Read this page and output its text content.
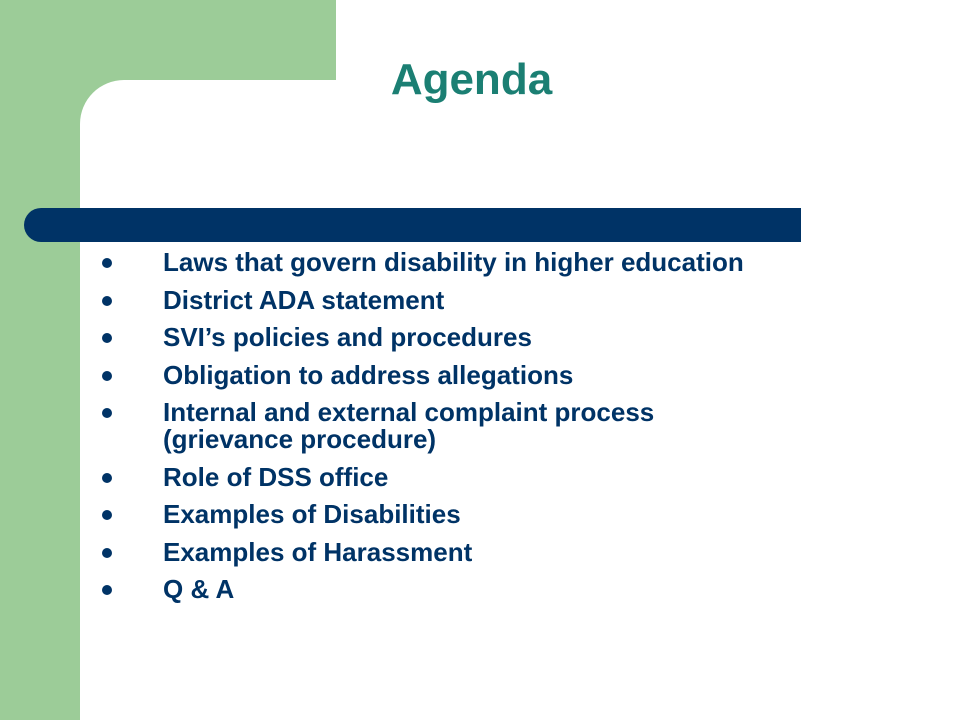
Agenda
Laws that govern disability in higher education
District ADA statement
SVI’s policies and procedures
Obligation to address allegations
Internal and external complaint process
(grievance procedure)
Role of DSS office
Examples of Disabilities
Examples of Harassment
Q & A
